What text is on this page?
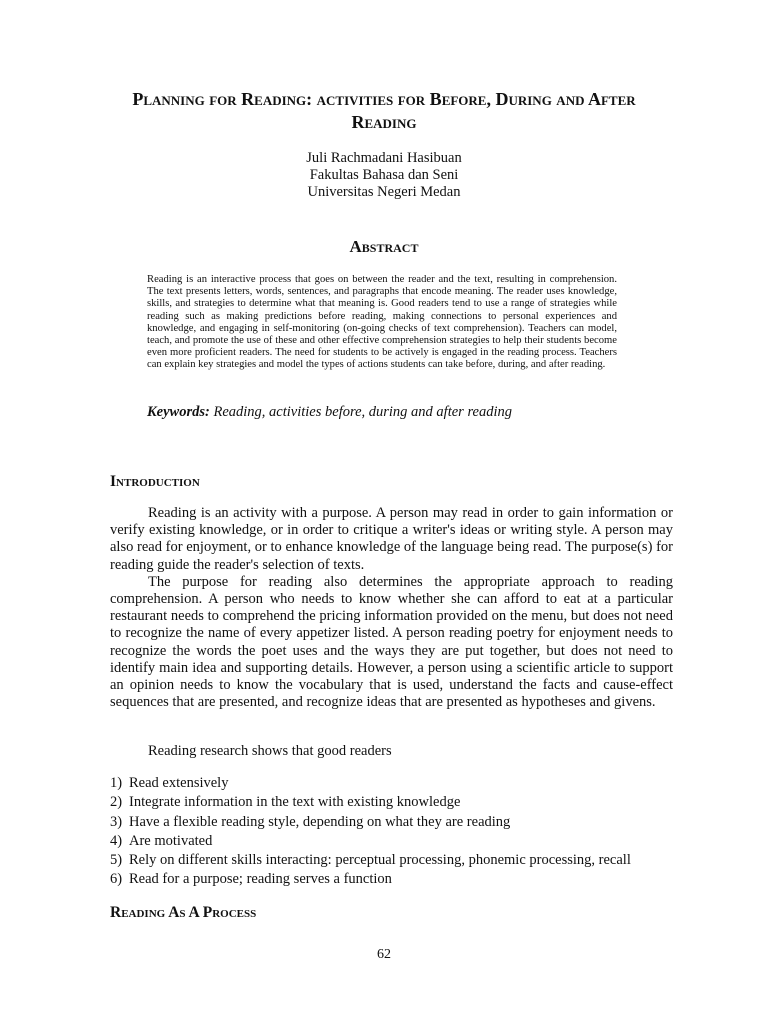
Planning for Reading: activities for Before, During and After Reading
Juli Rachmadani Hasibuan
Fakultas Bahasa dan Seni
Universitas Negeri Medan
Abstract

Reading is an interactive process that goes on between the reader and the text, resulting in comprehension. The text presents letters, words, sentences, and paragraphs that encode meaning. The reader uses knowledge, skills, and strategies to determine what that meaning is. Good readers tend to use a range of strategies while reading such as making predictions before reading, making connections to personal experiences and knowledge, and engaging in self-monitoring (on-going checks of text comprehension). Teachers can model, teach, and promote the use of these and other effective comprehension strategies to help their students become even more proficient readers. The need for students to be actively is engaged in the reading process. Teachers can explain key strategies and model the types of actions students can take before, during, and after reading.

Keywords: Reading, activities before, during and after reading

Introduction

Reading is an activity with a purpose. A person may read in order to gain information or verify existing knowledge, or in order to critique a writer's ideas or writing style. A person may also read for enjoyment, or to enhance knowledge of the language being read. The purpose(s) for reading guide the reader's selection of texts.

The purpose for reading also determines the appropriate approach to reading comprehension. A person who needs to know whether she can afford to eat at a particular restaurant needs to comprehend the pricing information provided on the menu, but does not need to recognize the name of every appetizer listed. A person reading poetry for enjoyment needs to recognize the words the poet uses and the ways they are put together, but does not need to identify main idea and supporting details. However, a person using a scientific article to support an opinion needs to know the vocabulary that is used, understand the facts and cause-effect sequences that are presented, and recognize ideas that are presented as hypotheses and givens.

Reading research shows that good readers

1) Read extensively
2) Integrate information in the text with existing knowledge
3) Have a flexible reading style, depending on what they are reading
4) Are motivated
5) Rely on different skills interacting: perceptual processing, phonemic processing, recall
6) Read for a purpose; reading serves a function
Reading As A Process
62
